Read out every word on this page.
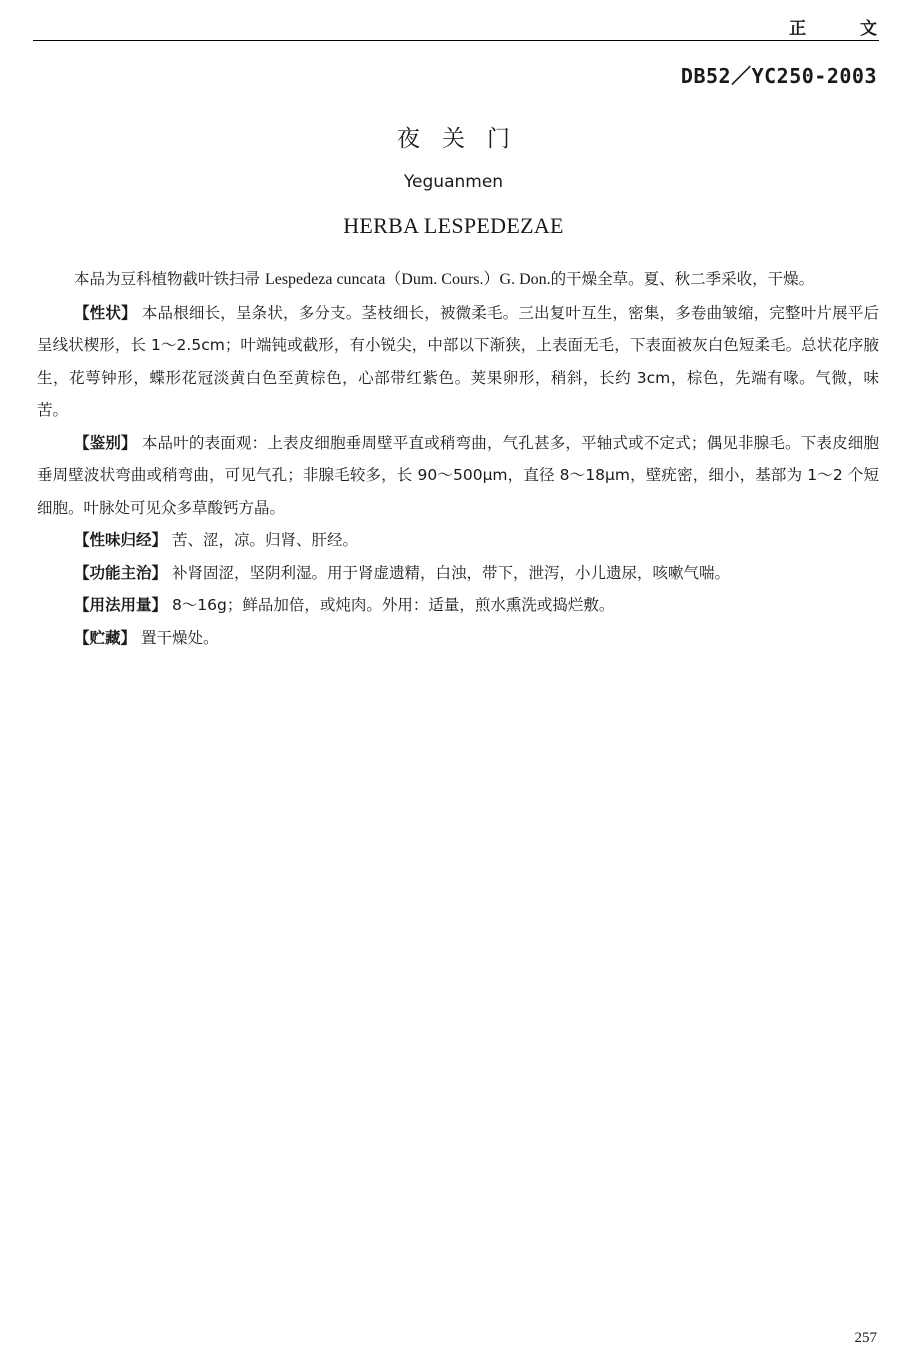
正 文
DB52／YC250-2003
夜关门
Yeguanmen
HERBA LESPEDEZAE

本品为豆科植物截叶铁扫帚 Lespedeza cuncata（Dum. Cours.）G. Don.的干燥全草。夏、秋二季采收，干燥。

【性状】 本品根细长，呈条状，多分支。茎枝细长，被微柔毛。三出复叶互生，密集，多卷曲皱缩，完整叶片展平后呈线状楔形，长 1～2.5cm；叶端钝或截形，有小锐尖，中部以下渐狭，上表面无毛，下表面被灰白色短柔毛。总状花序腋生，花萼钟形，蝶形花冠淡黄白色至黄棕色，心部带红紫色。荚果卵形，稍斜，长约 3cm，棕色，先端有喙。气微，味苦。

【鉴别】 本品叶的表面观：上表皮细胞垂周壁平直或稍弯曲，气孔甚多，平轴式或不定式；偶见非腺毛。下表皮细胞垂周壁波状弯曲或稍弯曲，可见气孔；非腺毛较多，长 90～500μm，直径 8～18μm，壁疣密，细小，基部为 1～2 个短细胞。叶脉处可见众多草酸钙方晶。

【性味归经】 苦、涩，凉。归肾、肝经。

【功能主治】 补肾固涩，坚阴利湿。用于肾虚遗精，白浊，带下，泄泻，小儿遗尿，咳嗽气喘。

【用法用量】 8～16g；鲜品加倍，或炖肉。外用：适量，煎水熏洗或捣烂敷。

【贮藏】 置干燥处。

257
